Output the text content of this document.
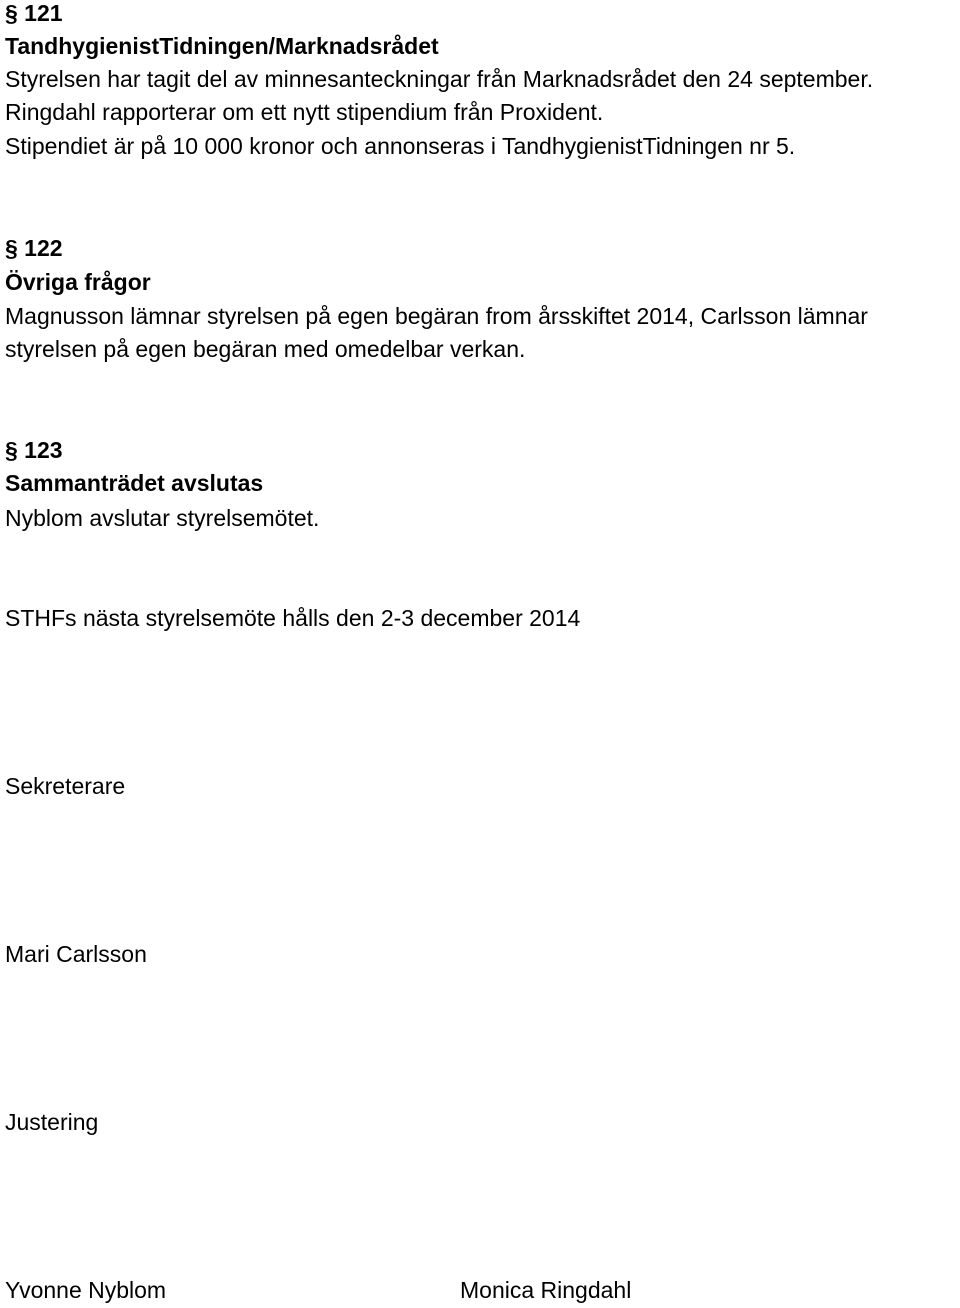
§ 121
TandhygienistTidningen/Marknadsrådet
Styrelsen har tagit del av minnesanteckningar från Marknadsrådet den 24 september.
Ringdahl rapporterar om ett nytt stipendium från Proxident.
Stipendiet är på 10 000 kronor och annonseras i TandhygienistTidningen nr 5.
§ 122
Övriga frågor
Magnusson lämnar styrelsen på egen begäran from årsskiftet 2014, Carlsson lämnar
styrelsen på egen begäran med omedelbar verkan.
§ 123
Sammanträdet avslutas
Nyblom avslutar styrelsemötet.
STHFs nästa styrelsemöte hålls den 2-3 december 2014
Sekreterare
Mari Carlsson
Justering
Yvonne Nyblom	Monica Ringdahl
